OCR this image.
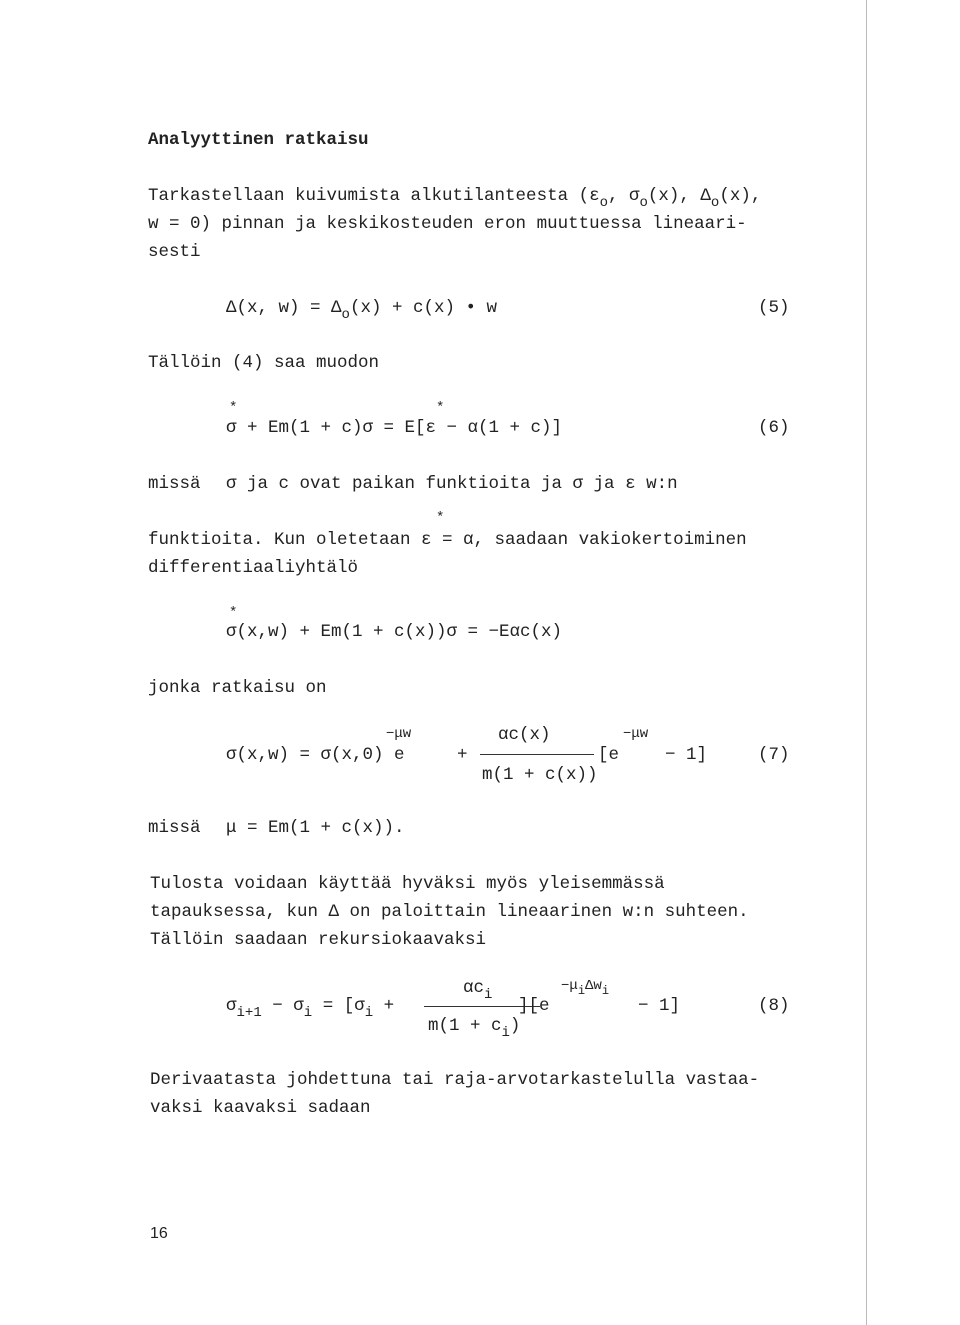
Analyyttinen ratkaisu
Tarkastellaan kuivumista alkutilanteesta ($\varepsilon_o$, $\sigma_o(x)$, $\Delta_o(x)$,
w = 0) pinnan ja keskikosteuden eron muuttuessa lineaari-
sesti
Δ(x, $w) = \Delta_o(x) + c(x)$ • w	(5)
Tällöin (4) saa muodon
*	*
σ + Em(1 + c)σ = E[ε − α(1 + c)]	(6)
missä σ ja c ovat paikan funktioita ja σ ja ε w:n
*
funktioita. Kun oletetaan ε = α, saadaan vakiokertoiminen
differentiaaliyhtälö
*
σ(x,w) + Em(1 + c(x))σ = −Eαc(x)
jonka ratkaisu on
−μw	αc(x)	−μw
σ(x,w) = σ(x,0) e	+	[e	− 1]	(7)
m(1 + c(x))
missä μ = Em(1 + c(x)).
Tulosta voidaan käyttää hyväksi myös yleisemmässä
tapauksessa, kun Δ on paloittain lineaarinen w:n suhteen.
Tällöin saadaan rekursiokaavaksi
$\alpha c_i$
−μiΔwi
$\sigma_{i+1} - \sigma_i = [\sigma_i$ +	][e	− 1]	(8)
$m(1 + c_i)$
Derivaatasta johdettuna tai raja-arvotarkastelulla vastaa-
vaksi kaavaksi sadaan
16
